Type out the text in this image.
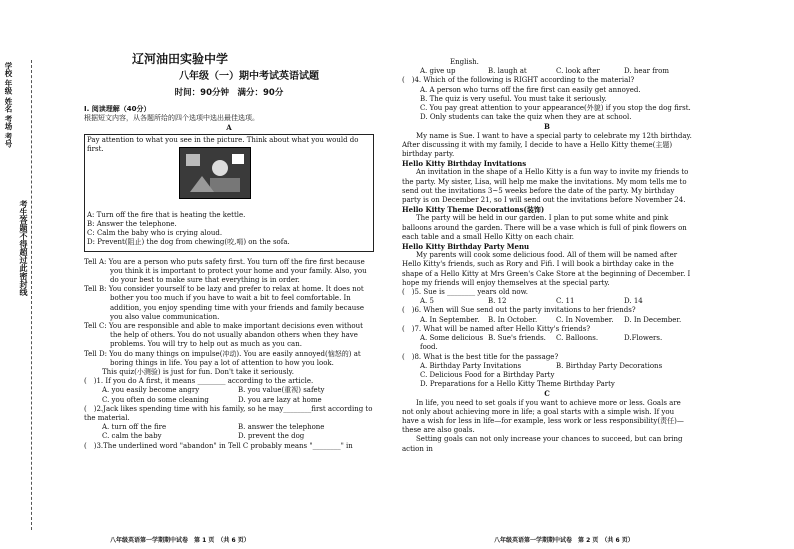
学校 年级 姓名 考场 考号
考生答题不得超过此密封线

辽河油田实验中学

八年级（一）期中考试英语试题

时间：90分钟　满分：90分

I. 阅读理解（40分）

根据短文内容，从各题所给的四个选项中选出最佳选项。

A

Pay attention to what you see in the picture. Think about what you would do first.

A: Turn off the fire that is heating the kettle.

B: Answer the telephone.

C: Calm the baby who is crying aloud.

D: Prevent(阻止) the dog from chewing(咬,啃) on the sofa.

Tell A: You are a person who puts safety first. You turn off the fire first because you think it is important to protect your home and your family. Also, you do your best to make sure that everything is in order.

Tell B: You consider yourself to be lazy and prefer to relax at home. It does not bother you too much if you have to wait a bit to feel comfortable. In addition, you enjoy spending time with your friends and family because you also value communication.

Tell C: You are responsible and able to make important decisions even without the help of others. You do not usually abandon others when they have problems. You will try to help out as much as you can.

Tell D: You do many things on impulse(冲动). You are easily annoyed(恼怒的) at boring things in life. You pay a lot of attention to how you look.

This quiz(小测验) is just for fun. Don't take it seriously.

(　)1. If you do A first, it means ________ according to the article.

A. you easily become angry	B. you value(重视) safety
C. you often do some cleaning	D. you are lazy at home

(　)2.Jack likes spending time with his family, so he may________first according to the material.

A. turn off the fire	B. answer the telephone
C. calm the baby	D. prevent the dog

(　)3.The underlined word "abandon" in Tell C probably means "________" in

八年级英语第一学期期中试卷　第 1 页　（共 6 页）

English.

A. give up	B. laugh at	C. look after	D. hear from

(　)4. Which of the following is RIGHT according to the material?

A. A person who turns off the fire first can easily get annoyed.

B. The quiz is very useful. You must take it seriously.

C. You pay great attention to your appearance(外貌) if you stop the dog first.

D. Only students can take the quiz when they are at school.

B

My name is Sue. I want to have a special party to celebrate my 12th birthday. After discussing it with my family, I decide to have a Hello Kitty theme(主题) birthday party.

Hello Kitty Birthday Invitations

An invitation in the shape of a Hello Kitty is a fun way to invite my friends to the party. My sister, Lisa, will help me make the invitations. My mom tells me to send out the invitations 3~5 weeks before the date of the party. My birthday party is on December 21, so I will send out the invitations before November 24.

Hello Kitty Theme Decorations(装饰)

The party will be held in our garden. I plan to put some white and pink balloons around the garden. There will be a vase which is full of pink flowers on each table and a small Hello Kitty on each chair.

Hello Kitty Birthday Party Menu

My parents will cook some delicious food. All of them will be named after Hello Kitty's friends, such as Rory and Fifi. I will book a birthday cake in the shape of a Hello Kitty at Mrs Green's Cake Store at the beginning of December. I hope my friends will enjoy themselves at the special party.

(　)5. Sue is ________ years old now.

A. 5	B. 12	C. 11	D. 14

(　)6. When will Sue send out the party invitations to her friends?

A. In September.	B. In October.	C. In November.	D. In December.

(　)7. What will be named after Hello Kitty's friends?

A. Some delicious food.
B. Sue's friends.	C. Balloons.	D.Flowers.

(　)8. What is the best title for the passage?

A. Birthday Party Invitations	B. Birthday Party Decorations

C. Delicious Food for a Birthday Party

D. Preparations for a Hello Kitty Theme Birthday Party

C

In life, you need to set goals if you want to achieve more or less. Goals are not only about achieving more in life; a goal starts with a simple wish. If you have a wish for less in life—for example, less work or less responsibility(责任)—these are also goals.

Setting goals can not only increase your chances to succeed, but can bring action in

八年级英语第一学期期中试卷　第 2 页　（共 6 页）
